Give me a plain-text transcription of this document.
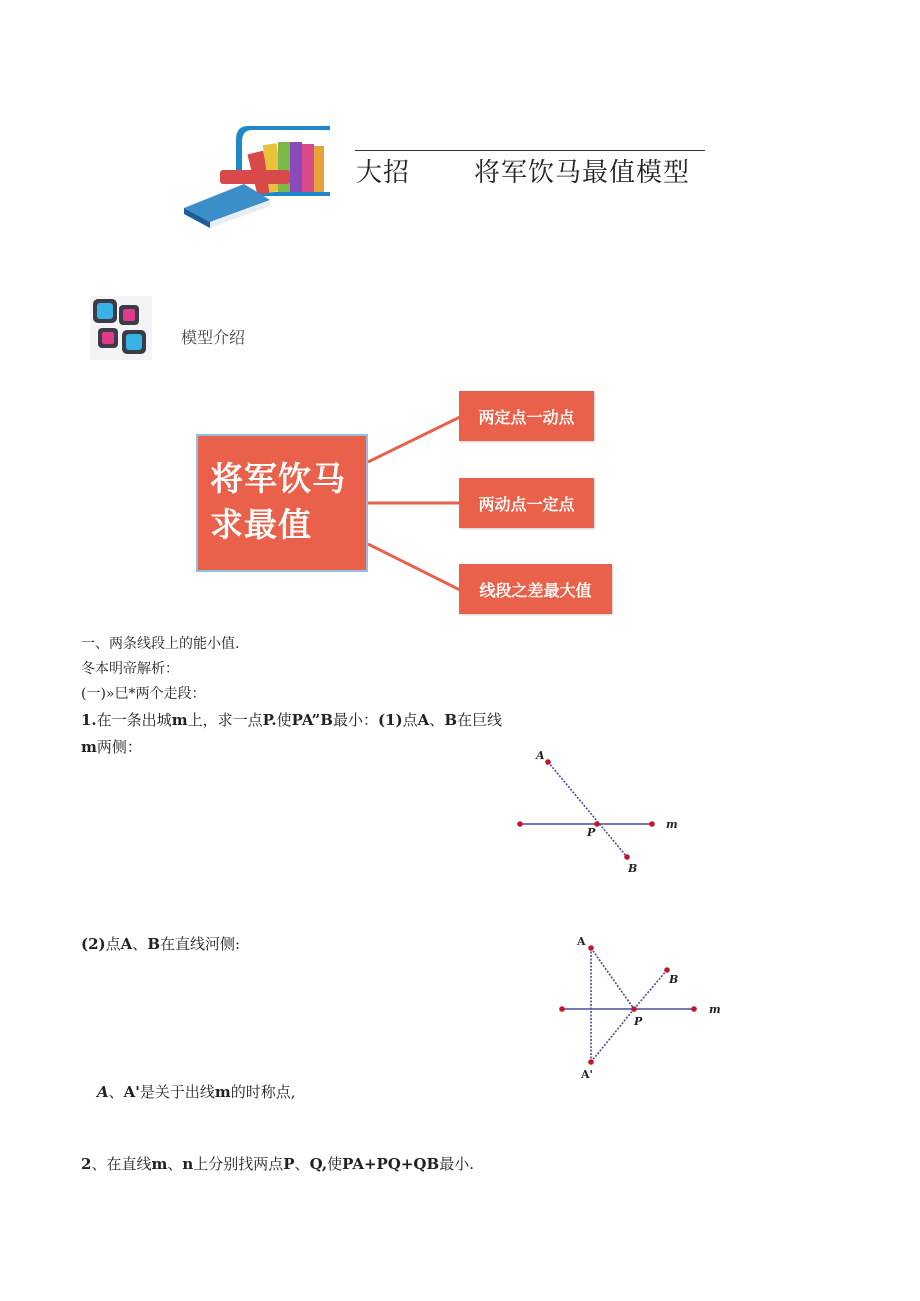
大招 将军饮马最值模型
模型介绍
将军饮马
求最值
两定点一动点
两动点一定点
线段之差最大值
一、两条线段上的能小值.
冬本明帝解析：
(一)»巳*两个走段：
1.在一条出城m上，求一点P.使PA”B最小：(1)点A、B在巨线
m两侧：	A
P
B
m
(2)点A、B在直线河侧:	A
B
P
m
A'
A、A'是关于出线m的时称点,
2、在直线m、n上分别找两点P、Q,使PA+PQ+QB最小.
